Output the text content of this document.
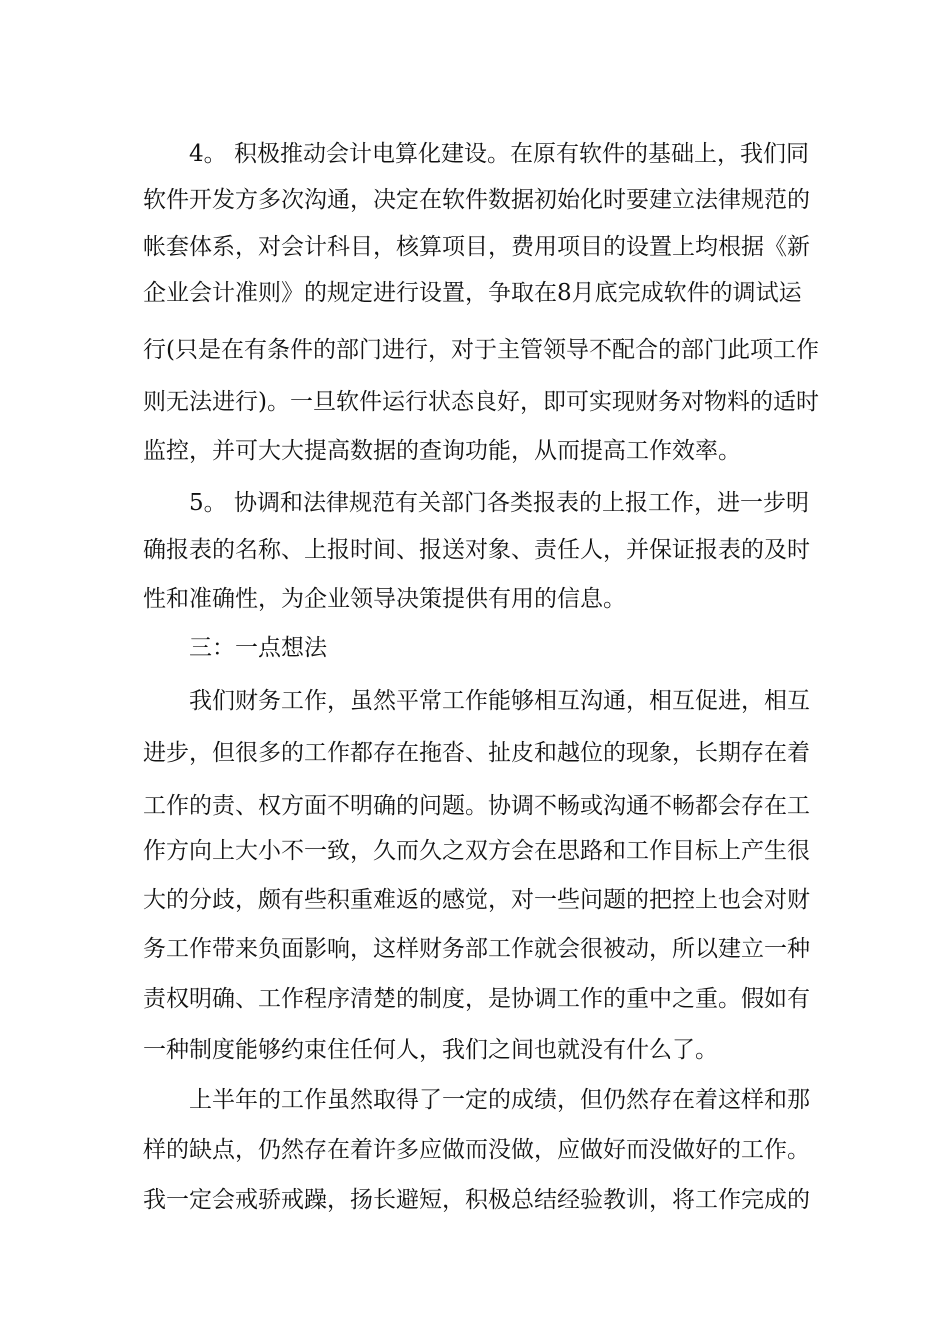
4。 积极推动会计电算化建设。在原有软件的基础上，我们同
软件开发方多次沟通，决定在软件数据初始化时要建立法律规范的
帐套体系，对会计科目，核算项目，费用项目的设置上均根据《新
企业会计准则》的规定进行设置，争取在8月底完成软件的调试运
行(只是在有条件的部门进行，对于主管领导不配合的部门此项工作
则无法进行)。一旦软件运行状态良好，即可实现财务对物料的适时
监控，并可大大提高数据的查询功能，从而提高工作效率。
5。 协调和法律规范有关部门各类报表的上报工作，进一步明
确报表的名称、上报时间、报送对象、责任人，并保证报表的及时
性和准确性，为企业领导决策提供有用的信息。
三：一点想法
我们财务工作，虽然平常工作能够相互沟通，相互促进，相互
进步，但很多的工作都存在拖沓、扯皮和越位的现象，长期存在着
工作的责、权方面不明确的问题。协调不畅或沟通不畅都会存在工
作方向上大小不一致，久而久之双方会在思路和工作目标上产生很
大的分歧，颇有些积重难返的感觉，对一些问题的把控上也会对财
务工作带来负面影响，这样财务部工作就会很被动，所以建立一种
责权明确、工作程序清楚的制度，是协调工作的重中之重。假如有
一种制度能够约束住任何人，我们之间也就没有什么了。
上半年的工作虽然取得了一定的成绩，但仍然存在着这样和那
样的缺点，仍然存在着许多应做而没做，应做好而没做好的工作。
我一定会戒骄戒躁，扬长避短，积极总结经验教训，将工作完成的
